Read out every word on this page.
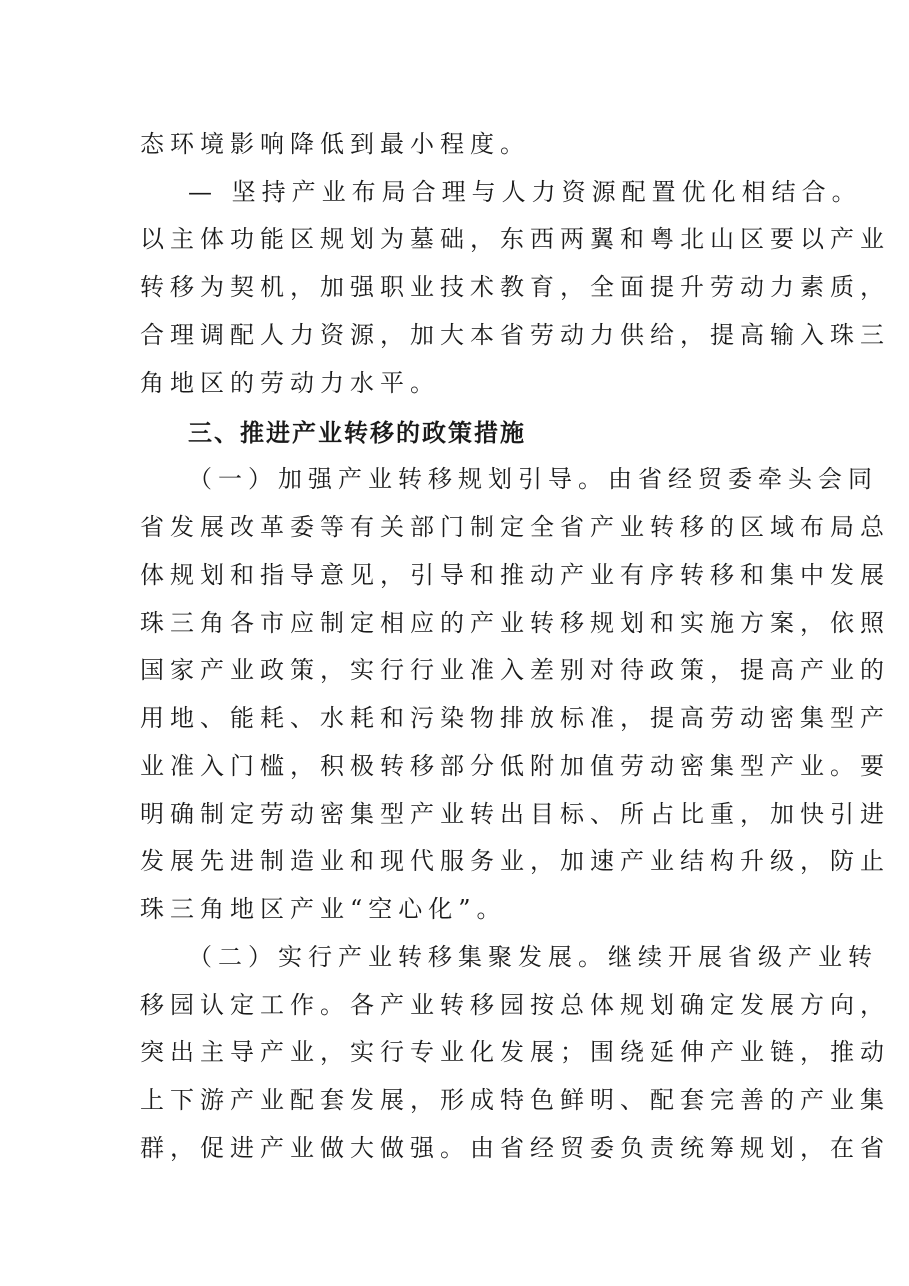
态环境影响降低到最小程度。
— 坚持产业布局合理与人力资源配置优化相结合。
以主体功能区规划为墓础，东西两翼和粤北山区要以产业
转移为契机，加强职业技术教育，全面提升劳动力素质，
合理调配人力资源，加大本省劳动力供给，提高输入珠三
角地区的劳动力水平。
三、推进产业转移的政策措施
（一）加强产业转移规划引导。由省经贸委牵头会同
省发展改革委等有关部门制定全省产业转移的区域布局总
体规划和指导意见，引导和推动产业有序转移和集中发展
珠三角各市应制定相应的产业转移规划和实施方案，依照
国家产业政策，实行行业准入差别对待政策，提高产业的
用地、能耗、水耗和污染物排放标准，提高劳动密集型产
业准入门槛，积极转移部分低附加值劳动密集型产业。要
明确制定劳动密集型产业转出目标、所占比重，加快引进
发展先进制造业和现代服务业，加速产业结构升级，防止
珠三角地区产业“空心化”。
（二）实行产业转移集聚发展。继续开展省级产业转
移园认定工作。各产业转移园按总体规划确定发展方向，
突出主导产业，实行专业化发展；围绕延伸产业链，推动
上下游产业配套发展，形成特色鲜明、配套完善的产业集
群，促进产业做大做强。由省经贸委负责统筹规划，在省
